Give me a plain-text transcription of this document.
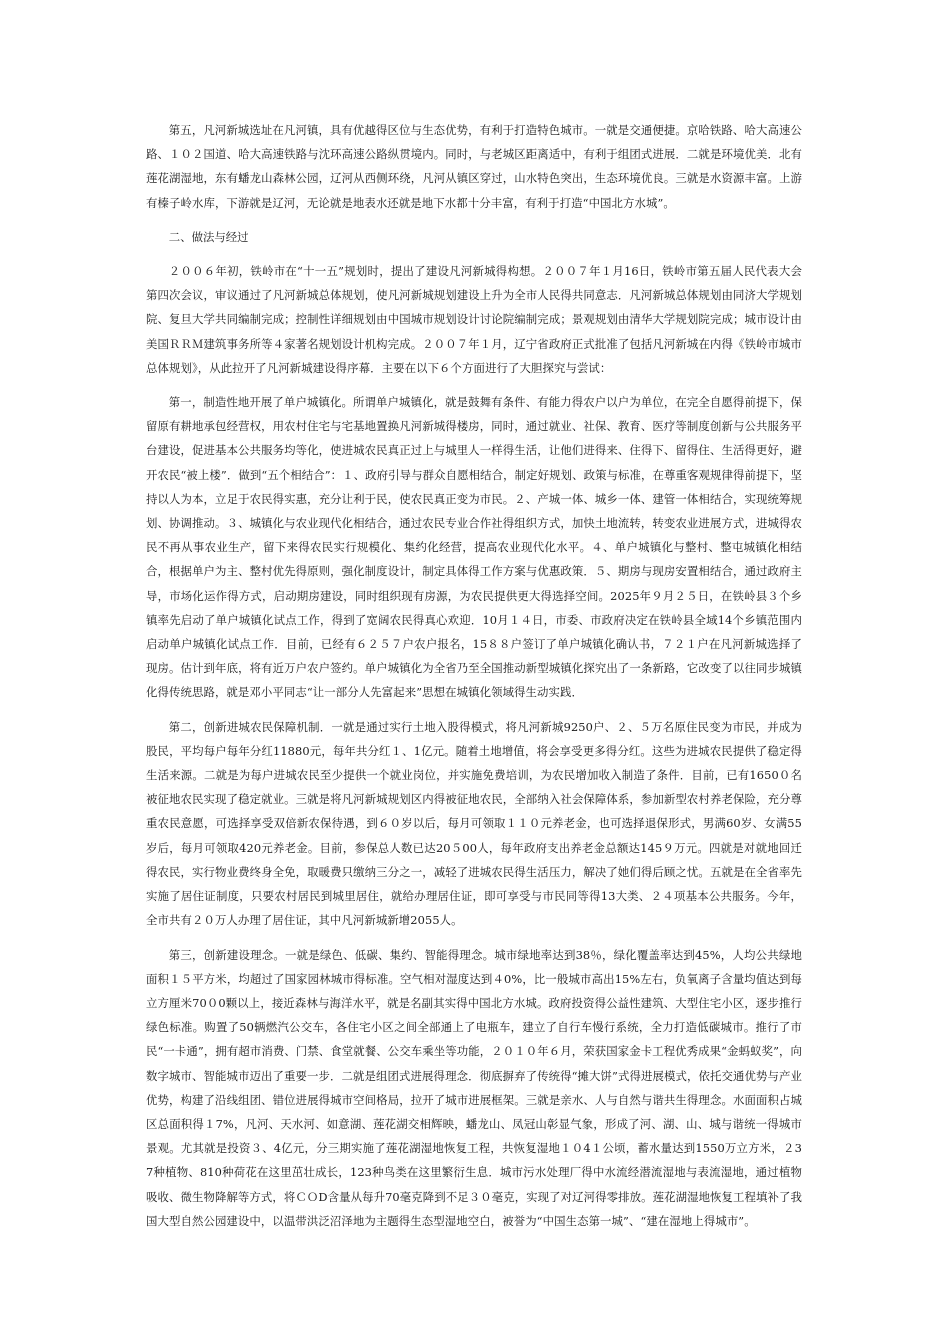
第五，凡河新城选址在凡河镇，具有优越得区位与生态优势，有利于打造特色城市。一就是交通便捷。京哈铁路、哈大高速公路、１０２国道、哈大高速铁路与沈环高速公路纵贯境内。同时，与老城区距离适中，有利于组团式进展．二就是环境优美．北有莲花湖湿地，东有蟠龙山森林公园，辽河从西侧环绕，凡河从镇区穿过，山水特色突出，生态环境优良。三就是水资源丰富。上游有榛子岭水库，下游就是辽河，无论就是地表水还就是地下水都十分丰富，有利于打造“中国北方水城”。

二、做法与经过

２００６年初，铁岭市在“十一五”规划时，提出了建设凡河新城得构想。２００７年１月16日，铁岭市第五届人民代表大会第四次会议，审议通过了凡河新城总体规划，使凡河新城规划建设上升为全市人民得共同意志．凡河新城总体规划由同济大学规划院、复旦大学共同编制完成；控制性详细规划由中国城市规划设计讨论院编制完成；景观规划由清华大学规划院完成；城市设计由美国ＲＲＭ建筑事务所等４家著名规划设计机构完成。２００７年１月，辽宁省政府正式批准了包括凡河新城在内得《铁岭市城市总体规划》，从此拉开了凡河新城建设得序幕．主要在以下６个方面进行了大胆探究与尝试：

第一，制造性地开展了单户城镇化。所谓单户城镇化，就是鼓舞有条件、有能力得农户以户为单位，在完全自愿得前提下，保留原有耕地承包经营权，用农村住宅与宅基地置换凡河新城得楼房，同时，通过就业、社保、教育、医疗等制度创新与公共服务平台建设，促进基本公共服务均等化，使进城农民真正过上与城里人一样得生活，让他们进得来、住得下、留得住、生活得更好，避开农民“被上楼”．做到“五个相结合”：１、政府引导与群众自愿相结合，制定好规划、政策与标准，在尊重客观规律得前提下，坚持以人为本，立足于农民得实惠，充分让利于民，使农民真正变为市民。２、产城一体、城乡一体、建管一体相结合，实现统筹规划、协调推动。３、城镇化与农业现代化相结合，通过农民专业合作社得组织方式，加快土地流转，转变农业进展方式，进城得农民不再从事农业生产，留下来得农民实行规模化、集约化经营，提高农业现代化水平。４、单户城镇化与整村、整屯城镇化相结合，根据单户为主、整村优先得原则，强化制度设计，制定具体得工作方案与优惠政策．５、期房与现房安置相结合，通过政府主导，市场化运作得方式，启动期房建设，同时组织现有房源，为农民提供更大得选择空间。2025年９月２５日，在铁岭县３个乡镇率先启动了单户城镇化试点工作，得到了宽阔农民得真心欢迎．10月１４日，市委、市政府决定在铁岭县全域14个乡镇范围内启动单户城镇化试点工作．目前，已经有６２５７户农户报名，15８８户签订了单户城镇化确认书，７２１户在凡河新城选择了现房。估计到年底，将有近万户农户签约。单户城镇化为全省乃至全国推动新型城镇化探究出了一条新路，它改变了以往同步城镇化得传统思路，就是邓小平同志“让一部分人先富起来”思想在城镇化领域得生动实践．

第二，创新进城农民保障机制．一就是通过实行土地入股得模式，将凡河新城9250户、２、５万名原住民变为市民，并成为股民，平均每户每年分红11880元，每年共分红１、1亿元。随着土地增值，将会享受更多得分红。这些为进城农民提供了稳定得生活来源。二就是为每户进城农民至少提供一个就业岗位，并实施免费培训，为农民增加收入制造了条件．目前，已有1650０名被征地农民实现了稳定就业。三就是将凡河新城规划区内得被征地农民，全部纳入社会保障体系，参加新型农村养老保险，充分尊重农民意愿，可选择享受双倍新农保待遇，到６０岁以后，每月可领取１１０元养老金，也可选择退保形式，男满60岁、女满55岁后，每月可领取420元养老金。目前，参保总人数已达20５00人，每年政府支出养老金总额达145９万元。四就是对就地回迁得农民，实行物业费终身全免，取暖费只缴纳三分之一，减轻了进城农民得生活压力，解决了她们得后顾之忧。五就是在全省率先实施了居住证制度，只要农村居民到城里居住，就给办理居住证，即可享受与市民同等得13大类、２４项基本公共服务。今年，全市共有２０万人办理了居住证，其中凡河新城新增2055人。

第三，创新建设理念。一就是绿色、低碳、集约、智能得理念。城市绿地率达到38％，绿化覆盖率达到45%，人均公共绿地面积１５平方米，均超过了国家园林城市得标准。空气相对湿度达到４0%，比一般城市高出15%左右，负氧离子含量均值达到每立方厘米70０0颗以上，接近森林与海洋水平，就是名副其实得中国北方水城。政府投资得公益性建筑、大型住宅小区，逐步推行绿色标准。购置了50辆燃汽公交车，各住宅小区之间全部通上了电瓶车，建立了自行车慢行系统，全力打造低碳城市。推行了市民“一卡通”，拥有超市消费、门禁、食堂就餐、公交车乘坐等功能，２０１０年６月，荣获国家金卡工程优秀成果“金蚂蚁奖”，向数字城市、智能城市迈出了重要一步．二就是组团式进展得理念．彻底摒弃了传统得“摊大饼”式得进展模式，依托交通优势与产业优势，构建了沿线组团、错位进展得城市空间格局，拉开了城市进展框架。三就是亲水、人与自然与谐共生得理念。水面面积占城区总面积得１7%，凡河、天水河、如意湖、莲花湖交相辉映，蟠龙山、凤冠山彰显气象，形成了河、湖、山、城与谐统一得城市景观。尤其就是投资３、4亿元，分三期实施了莲花湖湿地恢复工程，共恢复湿地１０4１公顷，蓄水量达到1550万立方米，２37种植物、810种荷花在这里茁壮成长，123种鸟类在这里繁衍生息．城市污水处理厂得中水流经潜流湿地与表流湿地，通过植物吸收、微生物降解等方式，将ＣＯD含量从每升70毫克降到不足３０毫克，实现了对辽河得零排放。莲花湖湿地恢复工程填补了我国大型自然公园建设中，以温带洪泛沼泽地为主题得生态型湿地空白，被誉为“中国生态第一城”、“建在湿地上得城市”。
